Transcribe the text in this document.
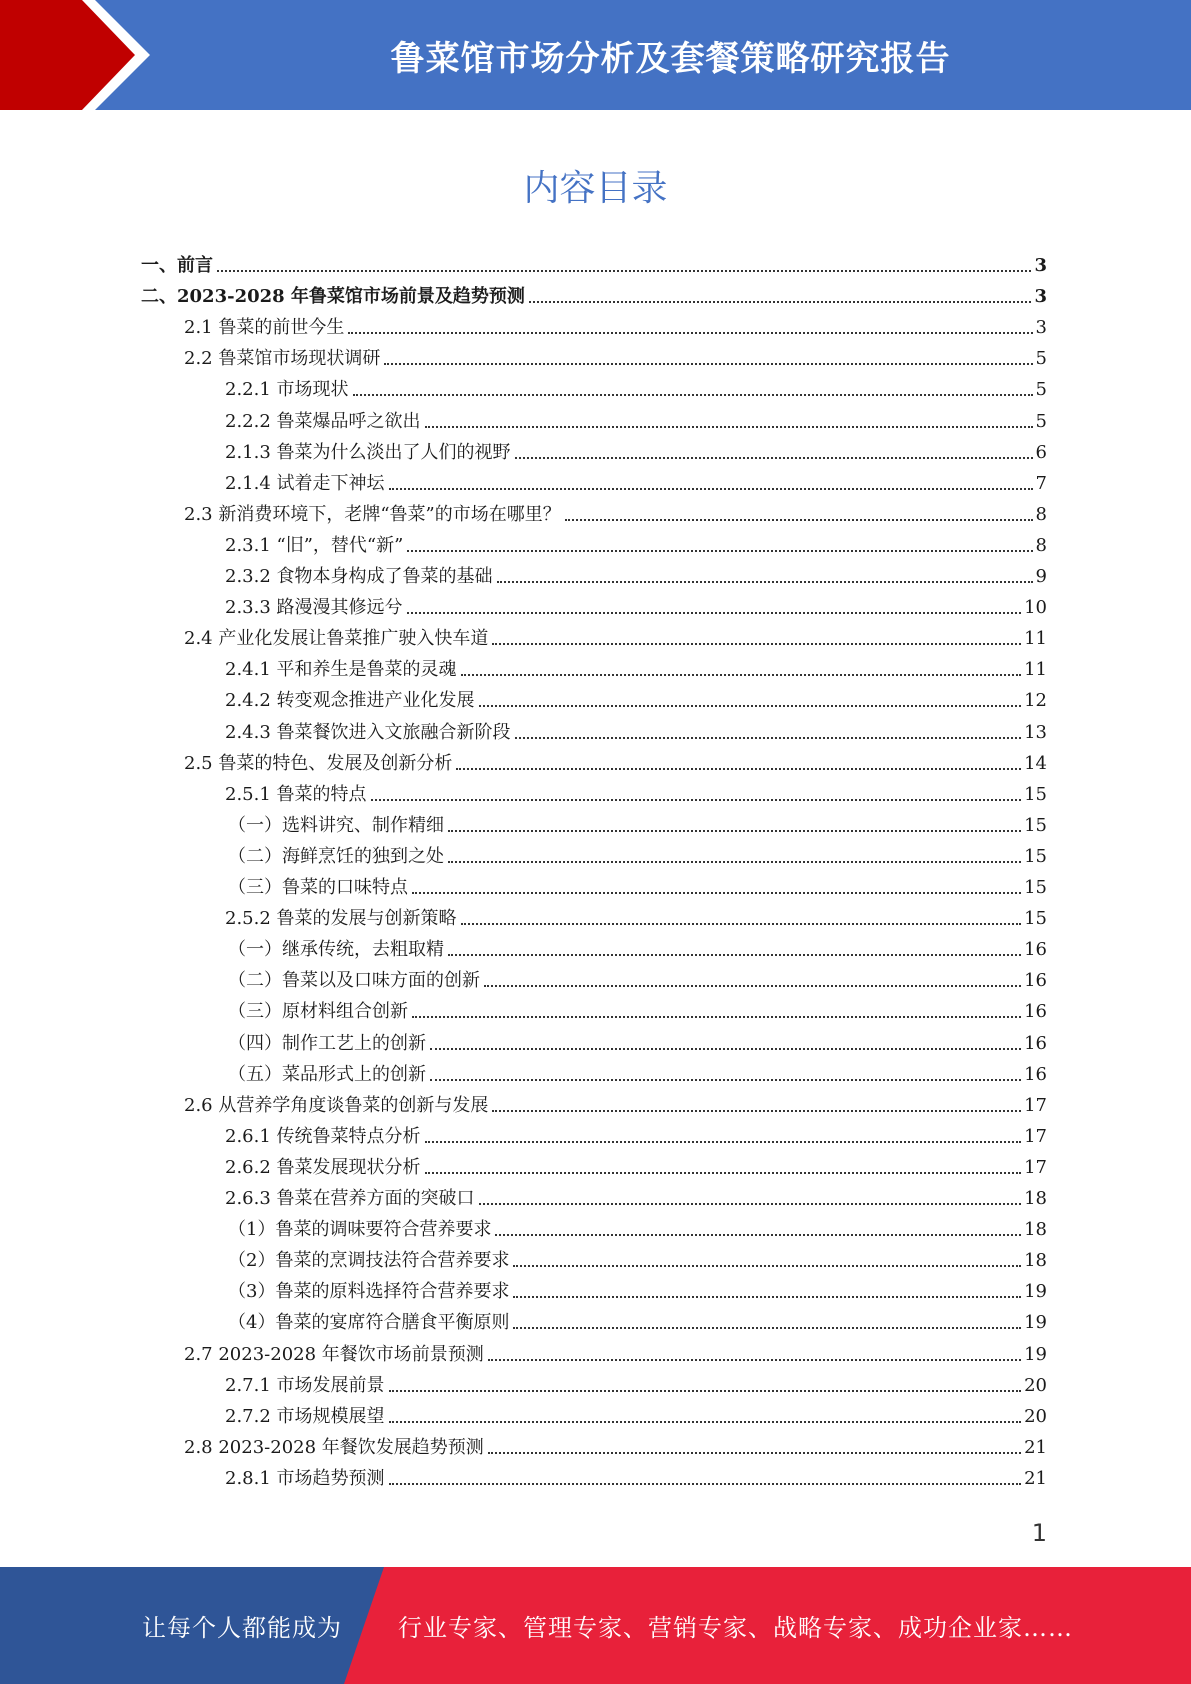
鲁菜馆市场分析及套餐策略研究报告
内容目录
一、前言	3
二、2023-2028 年鲁菜馆市场前景及趋势预测	3
2.1 鲁菜的前世今生	3
2.2 鲁菜馆市场现状调研	5
2.2.1 市场现状	5
2.2.2 鲁菜爆品呼之欲出	5
2.1.3 鲁菜为什么淡出了人们的视野	6
2.1.4 试着走下神坛	7
2.3 新消费环境下，老牌“鲁菜”的市场在哪里？	8
2.3.1 “旧”，替代“新”	8
2.3.2 食物本身构成了鲁菜的基础	9
2.3.3 路漫漫其修远兮	10
2.4 产业化发展让鲁菜推广驶入快车道	11
2.4.1 平和养生是鲁菜的灵魂	11
2.4.2 转变观念推进产业化发展	12
2.4.3 鲁菜餐饮进入文旅融合新阶段	13
2.5 鲁菜的特色、发展及创新分析	14
2.5.1 鲁菜的特点	15
（一）选料讲究、制作精细	15
（二）海鲜烹饪的独到之处	15
（三）鲁菜的口味特点	15
2.5.2 鲁菜的发展与创新策略	15
（一）继承传统，去粗取精	16
（二）鲁菜以及口味方面的创新	16
（三）原材料组合创新	16
（四）制作工艺上的创新	16
（五）菜品形式上的创新	16
2.6 从营养学角度谈鲁菜的创新与发展	17
2.6.1 传统鲁菜特点分析	17
2.6.2 鲁菜发展现状分析	17
2.6.3 鲁菜在营养方面的突破口	18
（1）鲁菜的调味要符合营养要求	18
（2）鲁菜的烹调技法符合营养要求	18
（3）鲁菜的原料选择符合营养要求	19
（4）鲁菜的宴席符合膳食平衡原则	19
2.7 2023-2028 年餐饮市场前景预测	19
2.7.1 市场发展前景	20
2.7.2 市场规模展望	20
2.8 2023-2028 年餐饮发展趋势预测	21
2.8.1 市场趋势预测	21
1
让每个人都能成为 行业专家、管理专家、营销专家、战略专家、成功企业家……
